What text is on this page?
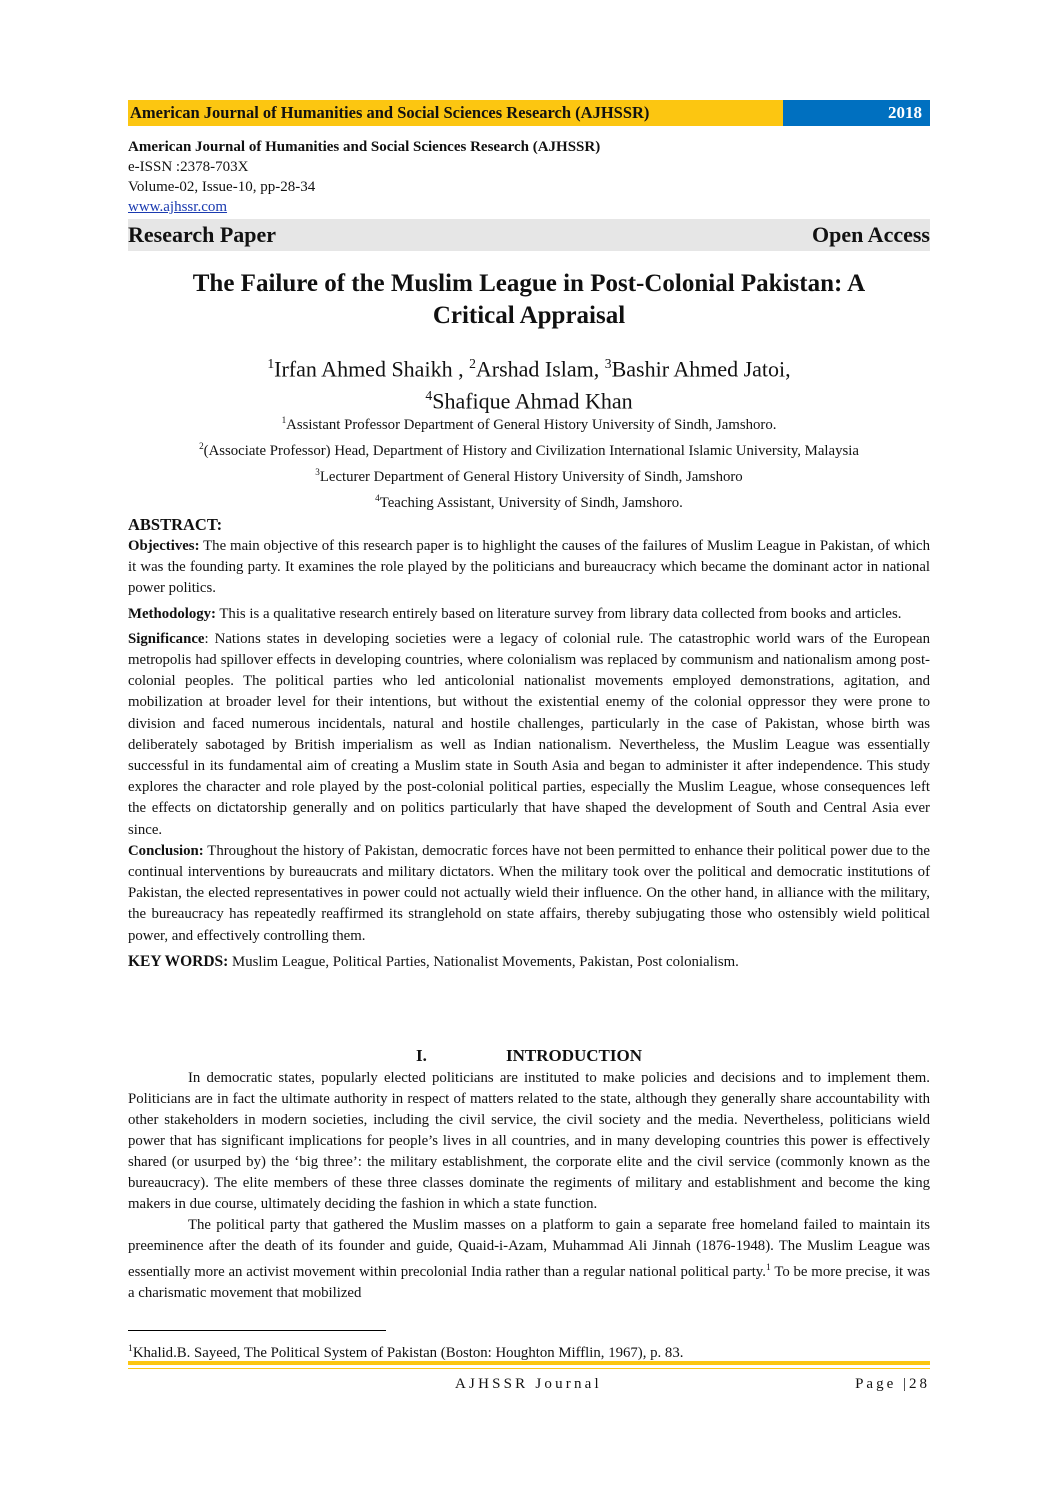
American Journal of Humanities and Social Sciences Research (AJHSSR)	2018
American Journal of Humanities and Social Sciences Research (AJHSSR)
e-ISSN :2378-703X
Volume-02, Issue-10, pp-28-34
www.ajhssr.com
Research Paper	Open Access
The Failure of the Muslim League in Post-Colonial Pakistan: A
Critical Appraisal
$^1$Irfan Ahmed Shaikh , $^2$Arshad Islam, $^3$Bashir Ahmed Jatoi,
$^4$Shafique Ahmad Khan
$^1$Assistant Professor Department of General History University of Sindh, Jamshoro.
$^2$(Associate Professor) Head, Department of History and Civilization International Islamic University, Malaysia
$^3$Lecturer Department of General History University of Sindh, Jamshoro
$^4$Teaching Assistant, University of Sindh, Jamshoro.
ABSTRACT:

Objectives: The main objective of this research paper is to highlight the causes of the failures of Muslim League in Pakistan, of which it was the founding party. It examines the role played by the politicians and bureaucracy which became the dominant actor in national power politics.

Methodology: This is a qualitative research entirely based on literature survey from library data collected from books and articles.

Significance: Nations states in developing societies were a legacy of colonial rule. The catastrophic world wars of the European metropolis had spillover effects in developing countries, where colonialism was replaced by communism and nationalism among post-colonial peoples. The political parties who led anticolonial nationalist movements employed demonstrations, agitation, and mobilization at broader level for their intentions, but without the existential enemy of the colonial oppressor they were prone to division and faced numerous incidentals, natural and hostile challenges, particularly in the case of Pakistan, whose birth was deliberately sabotaged by British imperialism as well as Indian nationalism. Nevertheless, the Muslim League was essentially successful in its fundamental aim of creating a Muslim state in South Asia and began to administer it after independence. This study explores the character and role played by the post-colonial political parties, especially the Muslim League, whose consequences left the effects on dictatorship generally and on politics particularly that have shaped the development of South and Central Asia ever since.

Conclusion: Throughout the history of Pakistan, democratic forces have not been permitted to enhance their political power due to the continual interventions by bureaucrats and military dictators. When the military took over the political and democratic institutions of Pakistan, the elected representatives in power could not actually wield their influence. On the other hand, in alliance with the military, the bureaucracy has repeatedly reaffirmed its stranglehold on state affairs, thereby subjugating those who ostensibly wield political power, and effectively controlling them.

KEY WORDS: Muslim League, Political Parties, Nationalist Movements, Pakistan, Post colonialism.

I.	INTRODUCTION

In democratic states, popularly elected politicians are instituted to make policies and decisions and to implement them. Politicians are in fact the ultimate authority in respect of matters related to the state, although they generally share accountability with other stakeholders in modern societies, including the civil service, the civil society and the media. Nevertheless, politicians wield power that has significant implications for people’s lives in all countries, and in many developing countries this power is effectively shared (or usurped by) the ‘big three’: the military establishment, the corporate elite and the civil service (commonly known as the bureaucracy). The elite members of these three classes dominate the regiments of military and establishment and become the king makers in due course, ultimately deciding the fashion in which a state function.

The political party that gathered the Muslim masses on a platform to gain a separate free homeland failed to maintain its preeminence after the death of its founder and guide, Quaid-i-Azam, Muhammad Ali Jinnah (1876-1948). The Muslim League was essentially more an activist movement within precolonial India rather than a regular national political party.$^1$ To be more precise, it was a charismatic movement that mobilized

$^1$Khalid.B. Sayeed, The Political System of Pakistan (Boston: Houghton Mifflin, 1967), p. 83.
AJHSSR Journal	Page |28
